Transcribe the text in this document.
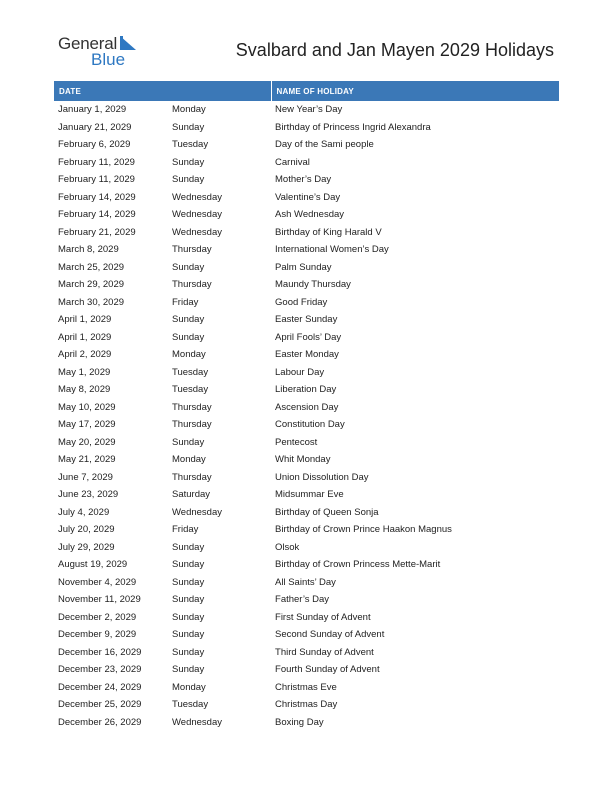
General
Blue	Svalbard and Jan Mayen 2029 Holidays
DATE		NAME OF HOLIDAY
January 1, 2029	Monday	New Year’s Day
January 21, 2029	Sunday	Birthday of Princess Ingrid Alexandra
February 6, 2029	Tuesday	Day of the Sami people
February 11, 2029	Sunday	Carnival
February 11, 2029	Sunday	Mother’s Day
February 14, 2029	Wednesday	Valentine’s Day
February 14, 2029	Wednesday	Ash Wednesday
February 21, 2029	Wednesday	Birthday of King Harald V
March 8, 2029	Thursday	International Women’s Day
March 25, 2029	Sunday	Palm Sunday
March 29, 2029	Thursday	Maundy Thursday
March 30, 2029	Friday	Good Friday
April 1, 2029	Sunday	Easter Sunday
April 1, 2029	Sunday	April Fools’ Day
April 2, 2029	Monday	Easter Monday
May 1, 2029	Tuesday	Labour Day
May 8, 2029	Tuesday	Liberation Day
May 10, 2029	Thursday	Ascension Day
May 17, 2029	Thursday	Constitution Day
May 20, 2029	Sunday	Pentecost
May 21, 2029	Monday	Whit Monday
June 7, 2029	Thursday	Union Dissolution Day
June 23, 2029	Saturday	Midsummar Eve
July 4, 2029	Wednesday	Birthday of Queen Sonja
July 20, 2029	Friday	Birthday of Crown Prince Haakon Magnus
July 29, 2029	Sunday	Olsok
August 19, 2029	Sunday	Birthday of Crown Princess Mette-Marit
November 4, 2029	Sunday	All Saints’ Day
November 11, 2029	Sunday	Father’s Day
December 2, 2029	Sunday	First Sunday of Advent
December 9, 2029	Sunday	Second Sunday of Advent
December 16, 2029	Sunday	Third Sunday of Advent
December 23, 2029	Sunday	Fourth Sunday of Advent
December 24, 2029	Monday	Christmas Eve
December 25, 2029	Tuesday	Christmas Day
December 26, 2029	Wednesday	Boxing Day
